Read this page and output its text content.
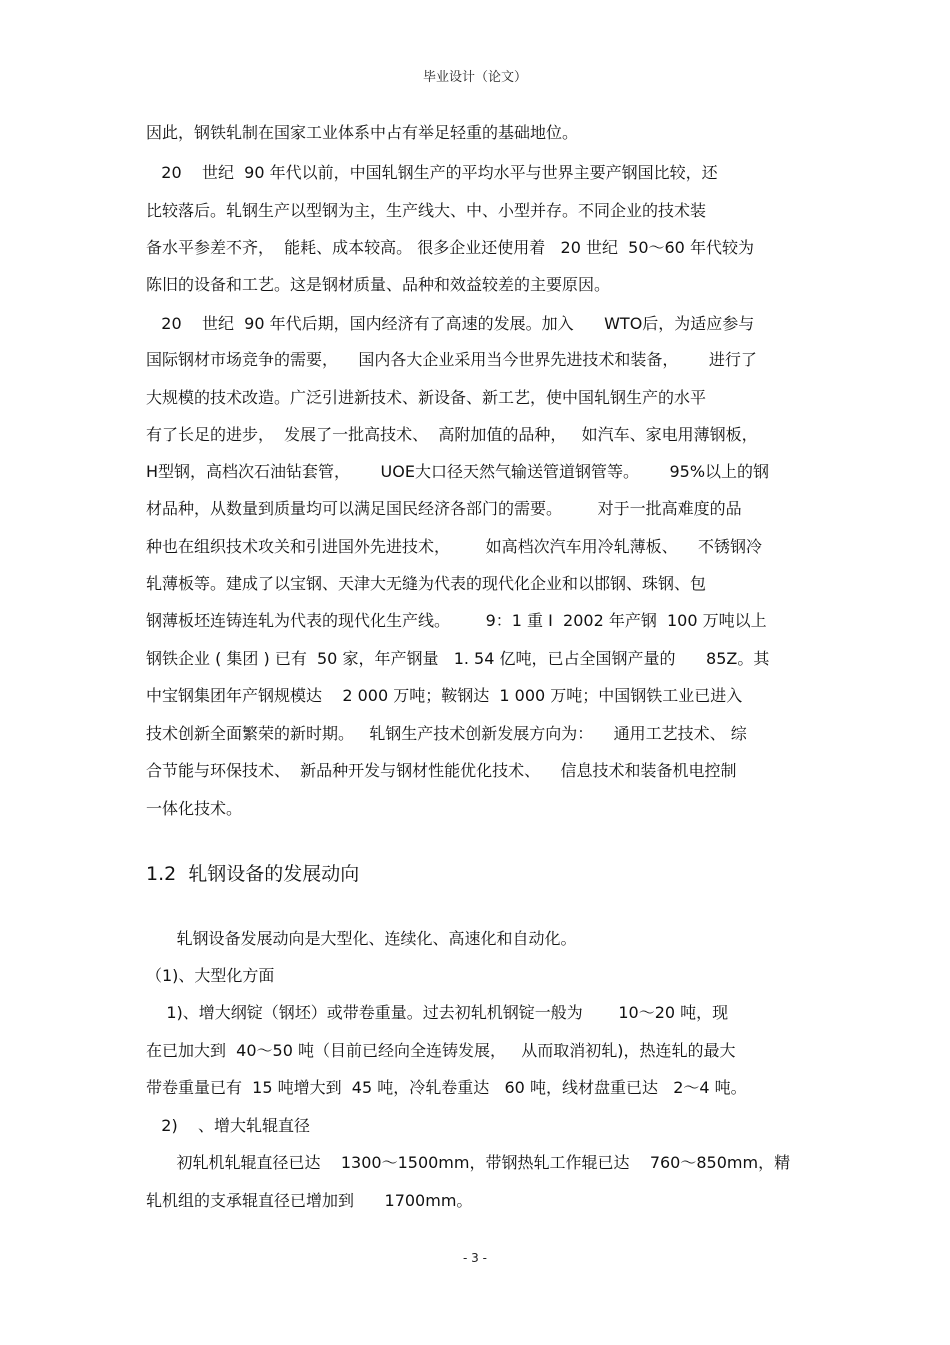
毕业设计（论文）
因此，钢铁轧制在国家工业体系中占有举足轻重的基础地位。
20    世纪  90 年代以前，中国轧钢生产的平均水平与世界主要产钢国比较，还
比较落后。轧钢生产以型钢为主，生产线大、中、小型并存。不同企业的技术装
备水平参差不齐，  能耗、成本较高。 很多企业还使用着   20 世纪  50～60 年代较为
陈旧的设备和工艺。这是钢材质量、品种和效益较差的主要原因。
20    世纪  90 年代后期，国内经济有了高速的发展。加入      WTO后，为适应参与
国际钢材市场竞争的需要，    国内各大企业采用当今世界先进技术和装备，      进行了
大规模的技术改造。广泛引进新技术、新设备、新工艺，使中国轧钢生产的水平
有了长足的进步，  发展了一批高技术、  高附加值的品种，   如汽车、家电用薄钢板，
H型钢，高档次石油钻套管，      UOE大口径天然气输送管道钢管等。      95%以上的钢
材品种，从数量到质量均可以满足国民经济各部门的需要。       对于一批高难度的品
种也在组织技术攻关和引进国外先进技术，       如高档次汽车用冷轧薄板、    不锈钢冷
轧薄板等。建成了以宝钢、天津大无缝为代表的现代化企业和以邯钢、珠钢、包
钢薄板坯连铸连轧为代表的现代化生产线。       9：1 重 I  2002 年产钢  100 万吨以上
钢铁企业 ( 集团 ) 已有  50 家，年产钢量   1. 54 亿吨，已占全国钢产量的      85Z。其
中宝钢集团年产钢规模达    2 000 万吨；鞍钢达  1 000 万吨；中国钢铁工业已进入
技术创新全面繁荣的新时期。   轧钢生产技术创新发展方向为：    通用工艺技术、 综
合节能与环保技术、  新品种开发与钢材性能优化技术、    信息技术和装备机电控制
一体化技术。
1.2  轧钢设备的发展动向
轧钢设备发展动向是大型化、连续化、高速化和自动化。
（1)、大型化方面
1)、增大纲锭（钢坯）或带卷重量。过去初轧机钢锭一般为       10～20 吨，现
在已加大到  40～50 吨（目前已经向全连铸发展，   从而取消初轧)，热连轧的最大
带卷重量已有  15 吨增大到  45 吨，冷轧卷重达   60 吨，线材盘重已达   2～4 吨。
2)    、增大轧辊直径
初轧机轧辊直径已达    1300～1500mm，带钢热轧工作辊已达    760～850mm，精
轧机组的支承辊直径已增加到      1700mm。
- 3 -
